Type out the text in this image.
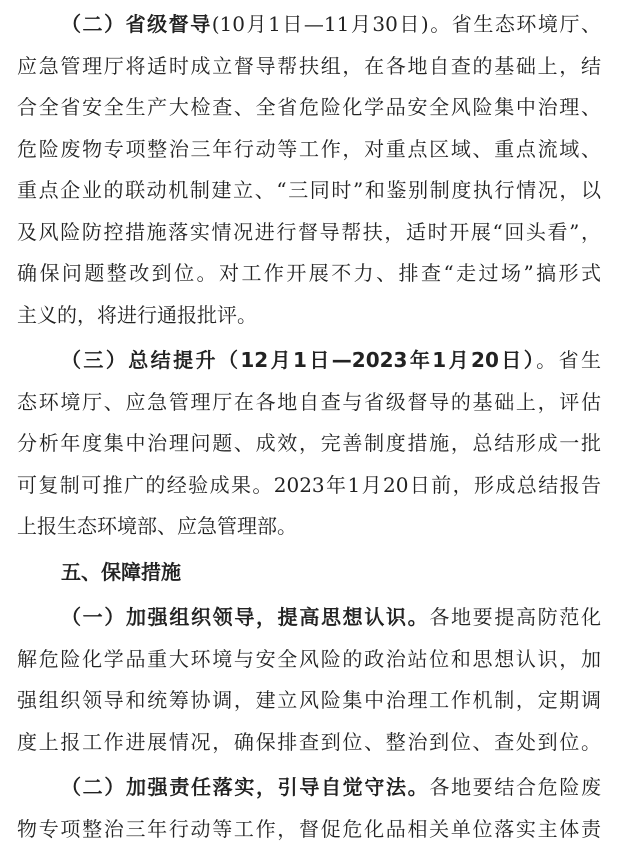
（二）省级督导(10月1日—11月30日)。省生态环境厅、
应急管理厅将适时成立督导帮扶组，在各地自查的基础上，结
合全省安全生产大检查、全省危险化学品安全风险集中治理、
危险废物专项整治三年行动等工作，对重点区域、重点流域、
重点企业的联动机制建立、“三同时”和鉴别制度执行情况，以
及风险防控措施落实情况进行督导帮扶，适时开展“回头看”，
确保问题整改到位。对工作开展不力、排查“走过场”搞形式
主义的，将进行通报批评。
（三）总结提升（12月1日—2023年1月20日）。省生
态环境厅、应急管理厅在各地自查与省级督导的基础上，评估
分析年度集中治理问题、成效，完善制度措施，总结形成一批
可复制可推广的经验成果。2023年1月20日前，形成总结报告
上报生态环境部、应急管理部。
五、保障措施
（一）加强组织领导，提高思想认识。各地要提高防范化
解危险化学品重大环境与安全风险的政治站位和思想认识，加
强组织领导和统筹协调，建立风险集中治理工作机制，定期调
度上报工作进展情况，确保排查到位、整治到位、查处到位。
（二）加强责任落实，引导自觉守法。各地要结合危险废
物专项整治三年行动等工作，督促危化品相关单位落实主体责
